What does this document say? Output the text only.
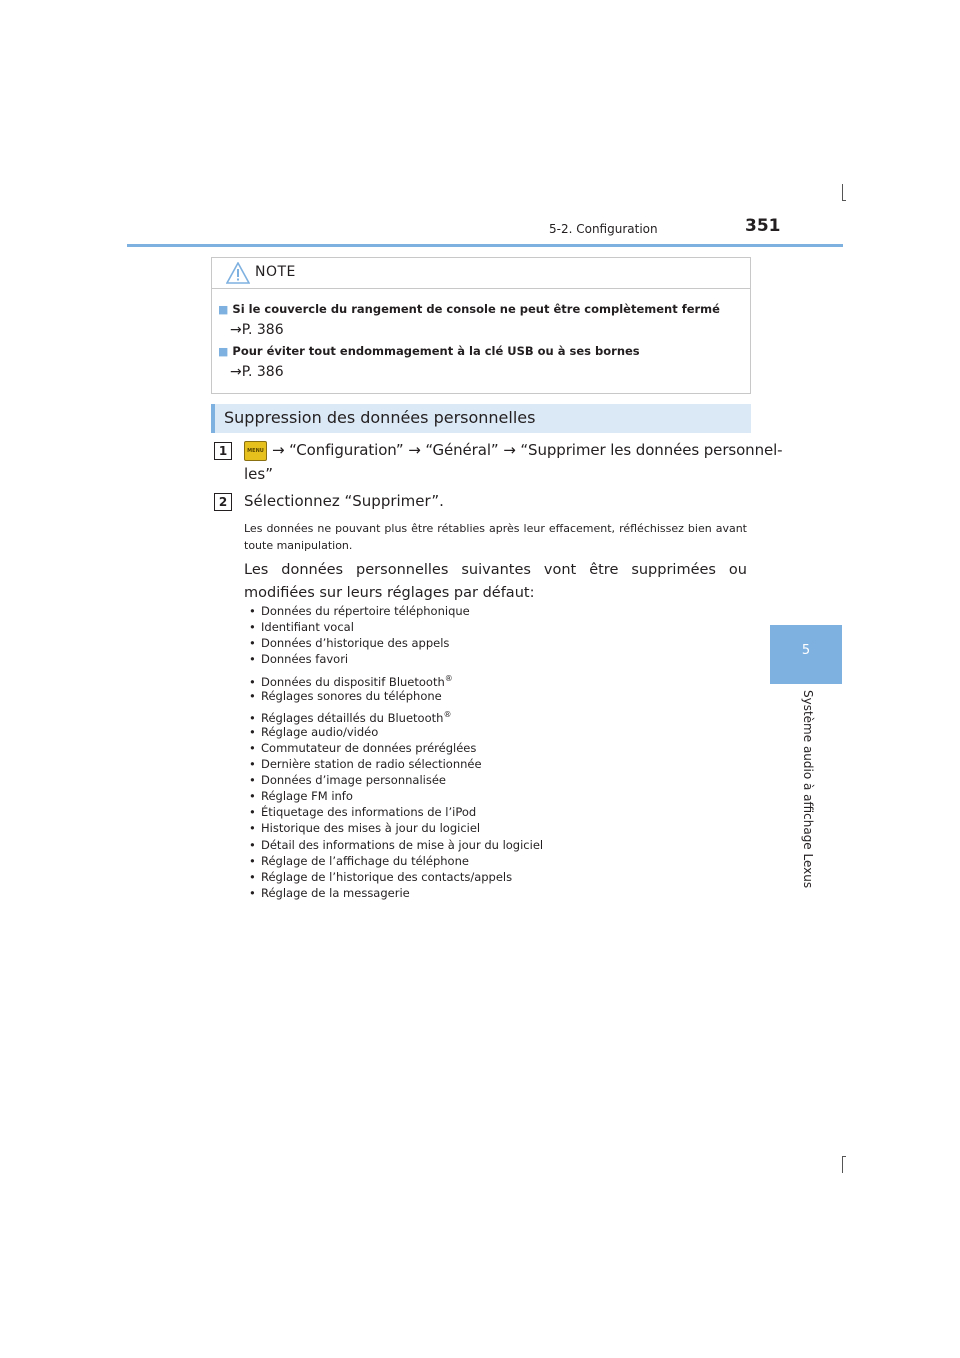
5-2. Configuration	351
5
Système audio à affichage Lexus
NOTE
■ Si le couvercle du rangement de console ne peut être complètement fermé
→P. 386
■ Pour éviter tout endommagement à la clé USB ou à ses bornes
→P. 386
Suppression des données personnelles
1	MENU → “Configuration” → “Général” → “Supprimer les données personnel-
les”
2	Sélectionnez “Supprimer”.
Les données ne pouvant plus être rétablies après leur effacement, réfléchissez bien avant toute manipulation.
Les données personnelles suivantes vont être supprimées ou modifiées sur leurs réglages par défaut:
• Données du répertoire téléphonique
• Identifiant vocal
• Données d’historique des appels
• Données favori
• Données du dispositif Bluetooth®
• Réglages sonores du téléphone
• Réglages détaillés du Bluetooth®
• Réglage audio/vidéo
• Commutateur de données préréglées
• Dernière station de radio sélectionnée
• Données d’image personnalisée
• Réglage FM info
• Étiquetage des informations de l’iPod
• Historique des mises à jour du logiciel
• Détail des informations de mise à jour du logiciel
• Réglage de l’affichage du téléphone
• Réglage de l’historique des contacts/appels
• Réglage de la messagerie
